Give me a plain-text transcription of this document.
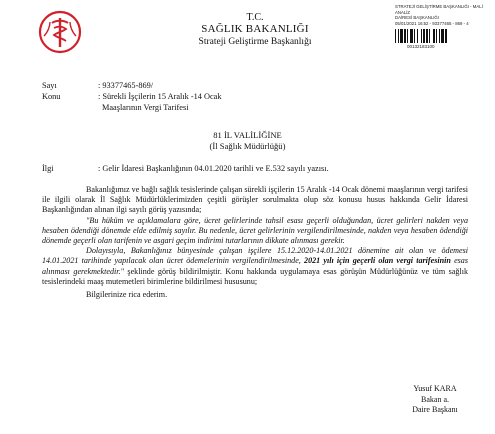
T.C.
SAĞLIK BAKANLIĞI
Strateji Geliştirme Başkanlığı
STRATEJİ GELİŞTİRME BAŞKANLIĞI - MALİ ANALİZ
DAİRESİ BAŞKANLIĞI
05/01/2021 16:52 - 93377465 - 869 - 4
00132183100
Sayı	: 93377465-869/
Konu	: Sürekli İşçilerin 15 Aralık -14 Ocak
Maaşlarının Vergi Tarifesi
81 İL VALİLİĞİNE
(İl Sağlık Müdürlüğü)
İlgi	: Gelir İdaresi Başkanlığının 04.01.2020 tarihli ve E.532 sayılı yazısı.

Bakanlığımız ve bağlı sağlık tesislerinde çalışan sürekli işçilerin 15 Aralık -14 Ocak dönemi maaşlarının vergi tarifesi ile ilgili olarak İl Sağlık Müdürlüklerimizden çeşitli görüşler sorulmakta olup söz konusu husus hakkında Gelir İdaresi Başkanlığından alınan ilgi sayılı görüş yazısında;

"Bu hüküm ve açıklamalara göre, ücret gelirlerinde tahsil esası geçerli olduğundan, ücret gelirleri nakden veya hesaben ödendiği dönemde elde edilmiş sayılır. Bu nedenle, ücret gelirlerinin vergilendirilmesinde, nakden veya hesaben ödendiği dönemde geçerli olan tarifenin ve asgari geçim indirimi tutarlarının dikkate alınması gerekir.

Dolayısıyla, Bakanlığınız bünyesinde çalışan işçilere 15.12.2020-14.01.2021 dönemine ait olan ve ödemesi 14.01.2021 tarihinde yapılacak olan ücret ödemelerinin vergilendirilmesinde, 2021 yılı için geçerli olan vergi tarifesinin esas alınması gerekmektedir." şeklinde görüş bildirilmiştir. Konu hakkında uygulamaya esas görüşün Müdürlüğünüz ve tüm sağlık tesislerindeki maaş mutemetleri birimlerine bildirilmesi hususunu;

Bilgilerinize rica ederim.

Yusuf KARA
Bakan a.
Daire Başkanı
